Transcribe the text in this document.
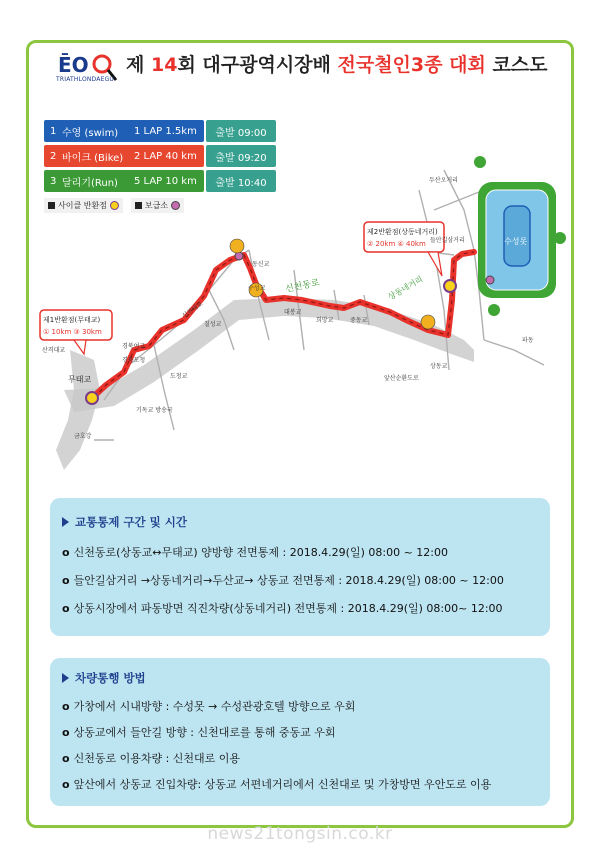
ĒO
TRIATHLONDAEGU
제 14회 대구광역시장배 전국철인3종 대회 코스도
1 수영 (swim)	1 LAP 1.5km	출발 09:00
2 바이크 (Bike)	2 LAP 40 km	출발 09:20
3 달리기(Run)	5 LAP 10 km	출발 10:40
사이클 반환점	보급소
제1반환점(무태교)
① 10km ③ 30km
제2반환점(상동네거리)
② 20km ④ 40km
신천동로	상동네거리
무태교
수성못
신천대교
경북여고
경북도청
도청교
칠성교
대봉교
희망교	중동교
상동교
두산오거리
들안길삼거리
수성교
동신교
파동
금호강
산격대교
앞산순환도로
기독교 방송국
교통통제 구간 및 시간
o 신천동로(상동교↔무태교) 양방향 전면통제 : 2018.4.29(일) 08:00 ~ 12:00
o 들안길삼거리 →상동네거리→두산교→ 상동교 전면통제 : 2018.4.29(일) 08:00 ~ 12:00
o 상동시장에서 파동방면 직진차량(상동네거리) 전면통제 : 2018.4.29(일) 08:00~ 12:00
차량통행 방법
o 가창에서 시내방향 : 수성못 → 수성관광호텔 방향으로 우회
o 상동교에서 들안길 방향 : 신천대로를 통해 중동교 우회
o 신천동로 이용차량 : 신천대로 이용
o 앞산에서 상동교 진입차량: 상동교 서편네거리에서 신천대로 및 가창방면 우안도로 이용
news21tongsin.co.kr
